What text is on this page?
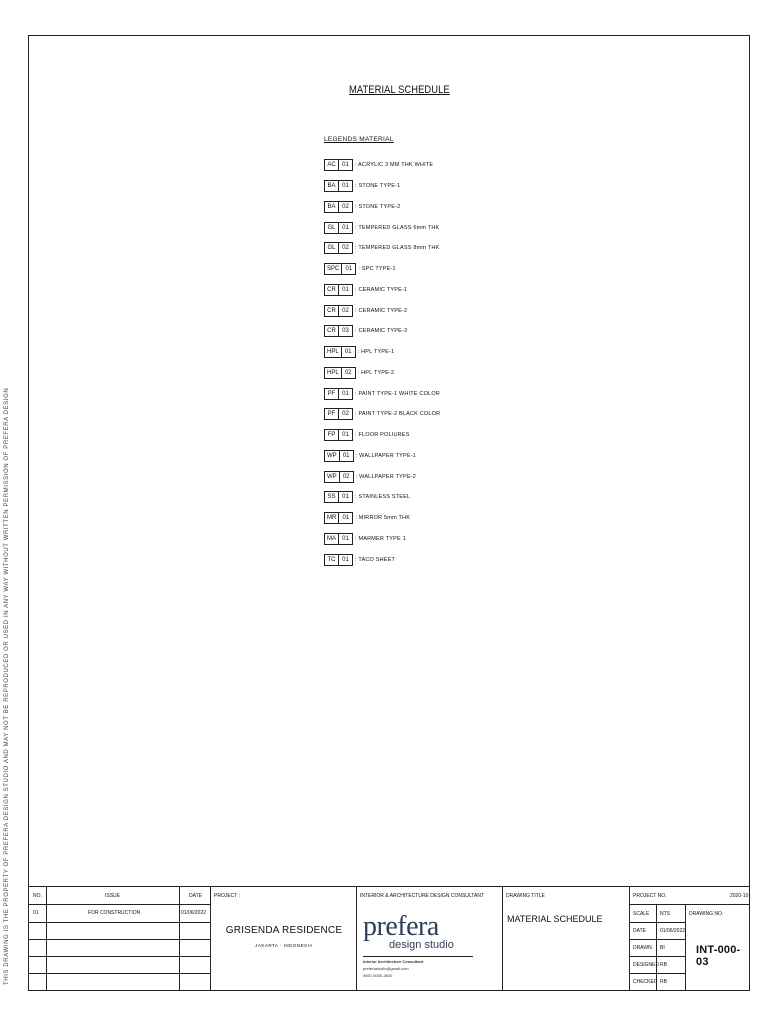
THIS DRAWING IS THE PROPERTY OF PREFERA DESIGN STUDIO AND MAY NOT BE REPRODUCED OR USED IN ANY WAY WITHOUT WRITTEN PERMISSION OF PREFERA DESIGN
MATERIAL SCHEDULE
LEGENDS MATERIAL
AC	01	: ACRYLIC 3 MM THK WHITE
BA	01	: STONE TYPE-1
BA	02	: STONE TYPE-2
GL	01	: TEMPERED GLASS 6mm THK
GL	02	: TEMPERED GLASS 8mm THK
SPC	01	: SPC TYPE-1
CR	01	: CERAMIC TYPE-1
CR	02	: CERAMIC TYPE-2
CR	03	: CERAMIC TYPE-3
HPL	01	: HPL TYPE-1
HPL	02	: HPL TYPE-2
PF	01	: PAINT TYPE-1 WHITE COLOR
PF	02	: PAINT TYPE-2 BLACK COLOR
FP	01	: FLOOR POLIURES
WP	01	: WALLPAPER TYPE-1
WP	02	: WALLPAPER TYPE-2
SS	01	: STAINLESS STEEL
MR	01	: MIRROR 5mm THK
MA	01	: MARMER TYPE 1
TC	01	: TACO SHEET
NO.	ISSUE	DATE
01	FOR CONSTRUCTION	01/06/2022
PROJECT :
GRISENDA RESIDENCE
JAKARTA - INDONESIA
INTERIOR & ARCHITECTURE DESIGN CONSULTANT
prefera
design studio
Interior Architecture Consultant
preferastudio@gmail.com
0857-6050-3820
DRAWING TITLE
MATERIAL SCHEDULE
PROJECT NO.	2020-10
SCALE NTS	DRAWING NO.
DATE	01/06/2022
DRAWN BI
DESIGNED RB
CHECKED RB
INT-000-03
